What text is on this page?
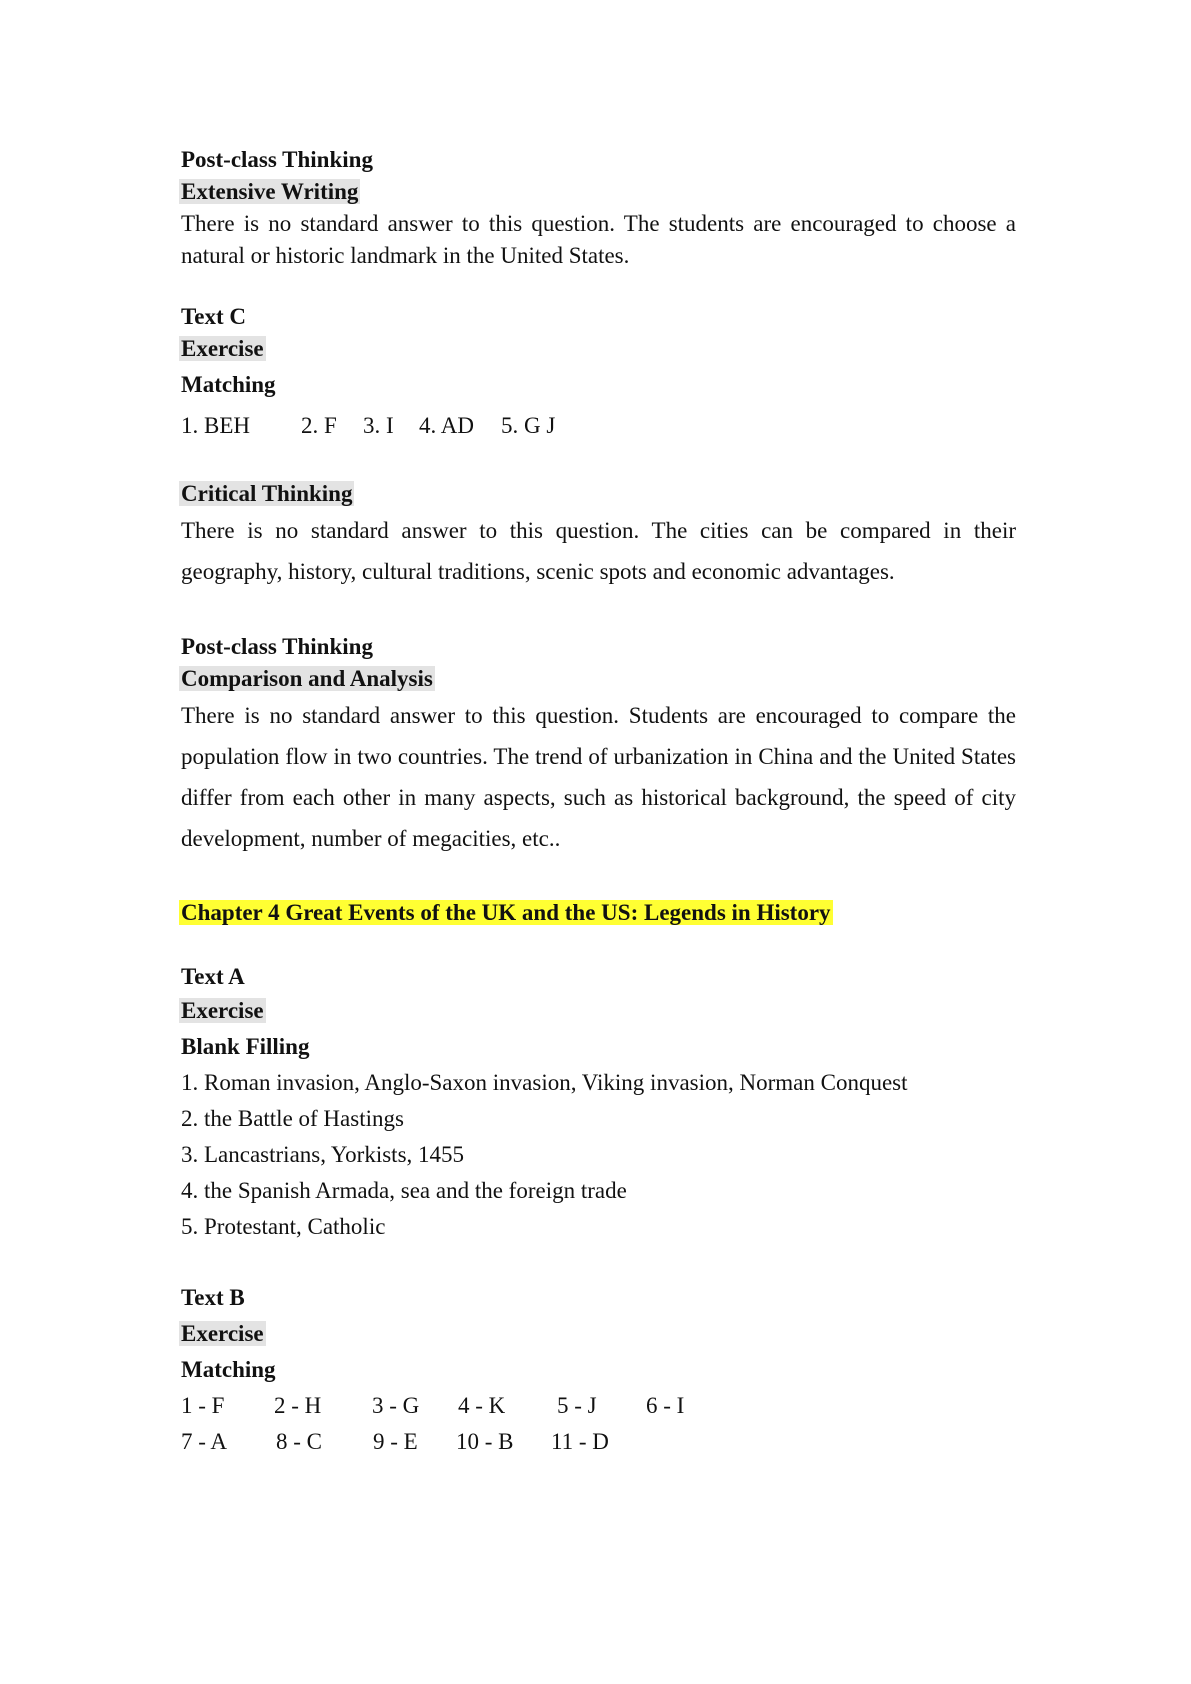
Post-class Thinking
Extensive Writing
There is no standard answer to this question. The students are encouraged to choose a natural or historic landmark in the United States.
Text C
Exercise
Matching
1. BEH 2. F 3. I 4. AD 5. G J
Critical Thinking
There is no standard answer to this question. The cities can be compared in their geography, history, cultural traditions, scenic spots and economic advantages.
Post-class Thinking
Comparison and Analysis
There is no standard answer to this question. Students are encouraged to compare the population flow in two countries. The trend of urbanization in China and the United States differ from each other in many aspects, such as historical background, the speed of city development, number of megacities, etc..
Chapter 4 Great Events of the UK and the US: Legends in History
Text A
Exercise
Blank Filling
1. Roman invasion, Anglo-Saxon invasion, Viking invasion, Norman Conquest
2. the Battle of Hastings
3. Lancastrians, Yorkists, 1455
4. the Spanish Armada, sea and the foreign trade
5. Protestant, Catholic
Text B
Exercise
Matching
1 - F 2 - H 3 - G 4 - K 5 - J 6 - I
7 - A 8 - C 9 - E 10 - B 11 - D
